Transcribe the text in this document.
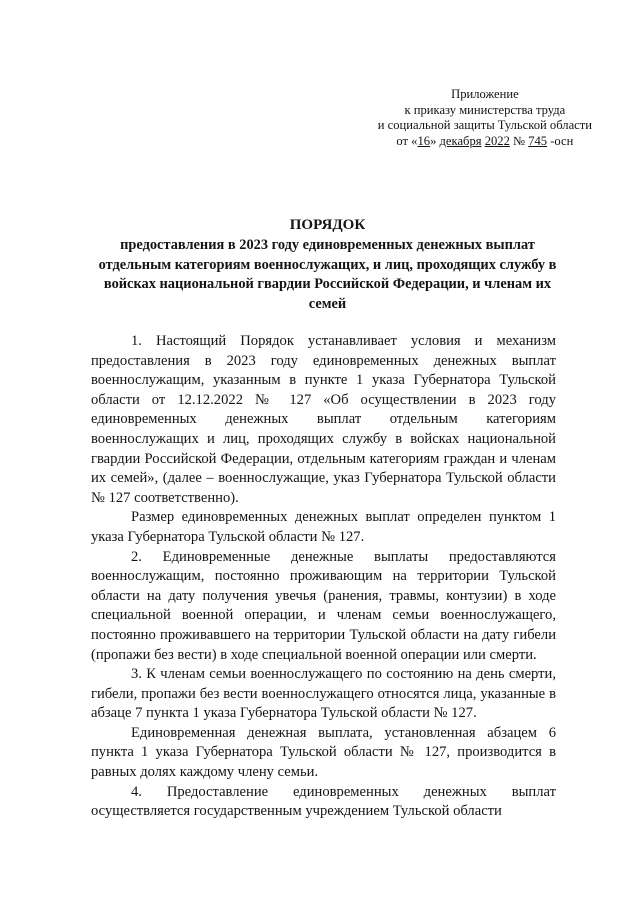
Приложение
к приказу министерства труда
и социальной защиты Тульской области
от «16» декабря 2022 № 745 -осн
ПОРЯДОК
предоставления в 2023 году единовременных денежных выплат отдельным категориям военнослужащих, и лиц, проходящих службу в войсках национальной гвардии Российской Федерации, и членам их семей

1. Настоящий Порядок устанавливает условия и механизм предоставления в 2023 году единовременных денежных выплат военнослужащим, указанным в пункте 1 указа Губернатора Тульской области от 12.12.2022 № 127 «Об осуществлении в 2023 году единовременных денежных выплат отдельным категориям военнослужащих и лиц, проходящих службу в войсках национальной гвардии Российской Федерации, отдельным категориям граждан и членам их семей», (далее – военнослужащие, указ Губернатора Тульской области № 127 соответственно).

Размер единовременных денежных выплат определен пунктом 1 указа Губернатора Тульской области № 127.

2. Единовременные денежные выплаты предоставляются военнослужащим, постоянно проживающим на территории Тульской области на дату получения увечья (ранения, травмы, контузии) в ходе специальной военной операции, и членам семьи военнослужащего, постоянно проживавшего на территории Тульской области на дату гибели (пропажи без вести) в ходе специальной военной операции или смерти.

3. К членам семьи военнослужащего по состоянию на день смерти, гибели, пропажи без вести военнослужащего относятся лица, указанные в абзаце 7 пункта 1 указа Губернатора Тульской области № 127.

Единовременная денежная выплата, установленная абзацем 6 пункта 1 указа Губернатора Тульской области № 127, производится в равных долях каждому члену семьи.

4. Предоставление единовременных денежных выплат осуществляется государственным учреждением Тульской области
